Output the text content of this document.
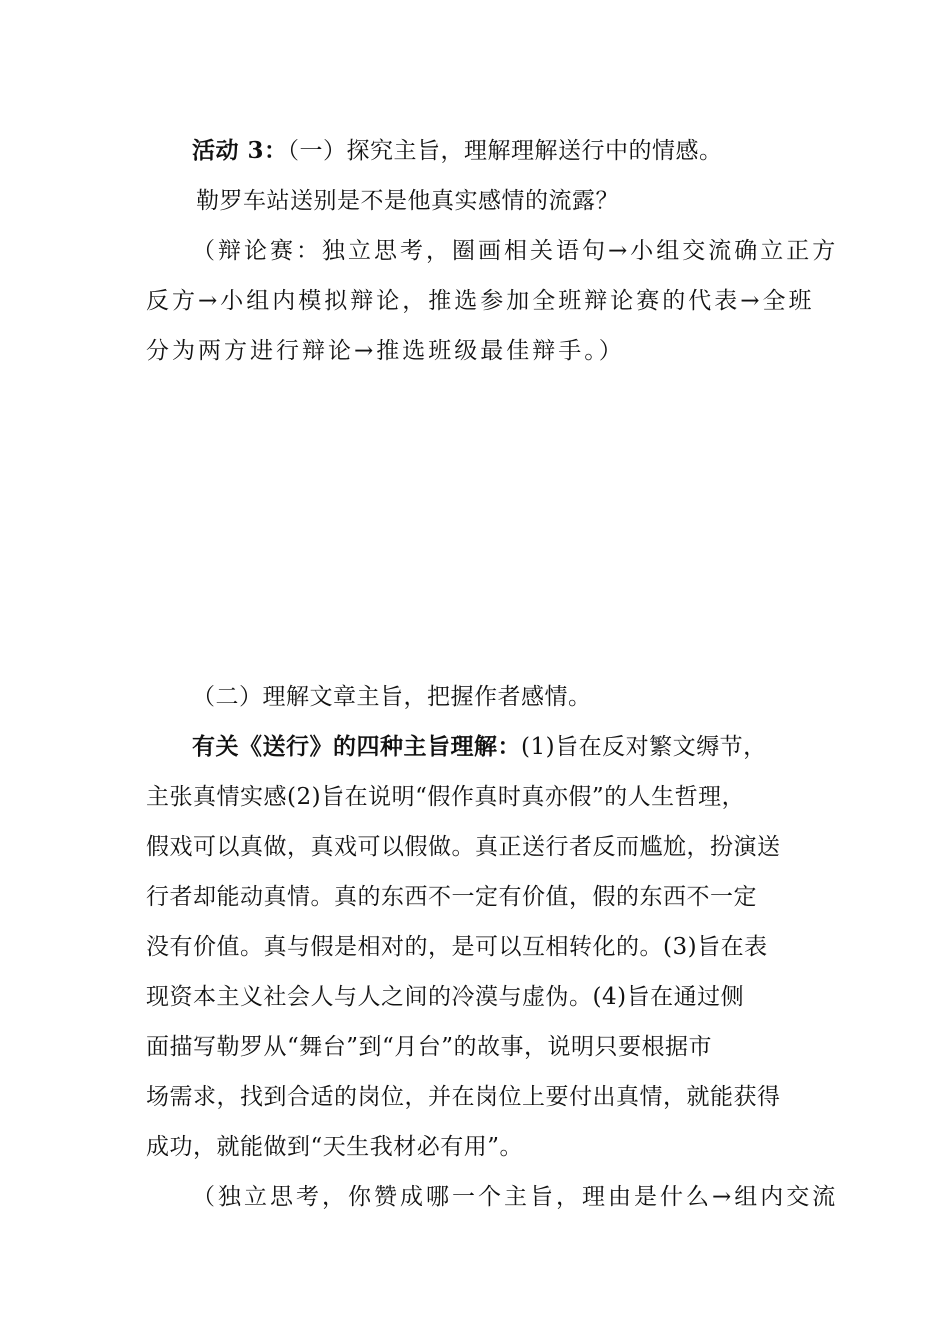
活动 3：（一）探究主旨，理解理解送行中的情感。
勒罗车站送别是不是他真实感情的流露？
（辩论赛：独立思考，圈画相关语句→小组交流确立正方
反方→小组内模拟辩论，推选参加全班辩论赛的代表→全班
分为两方进行辩论→推选班级最佳辩手。）
（二）理解文章主旨，把握作者感情。
有关《送行》的四种主旨理解：(1)旨在反对繁文缛节，
主张真情实感(2)旨在说明“假作真时真亦假”的人生哲理，
假戏可以真做，真戏可以假做。真正送行者反而尴尬，扮演送
行者却能动真情。真的东西不一定有价值，假的东西不一定
没有价值。真与假是相对的，是可以互相转化的。(3)旨在表
现资本主义社会人与人之间的冷漠与虚伪。(4)旨在通过侧
面描写勒罗从“舞台”到“月台”的故事，说明只要根据市
场需求，找到合适的岗位，并在岗位上要付出真情，就能获得
成功，就能做到“天生我材必有用”。
（独立思考，你赞成哪一个主旨，理由是什么→组内交流
